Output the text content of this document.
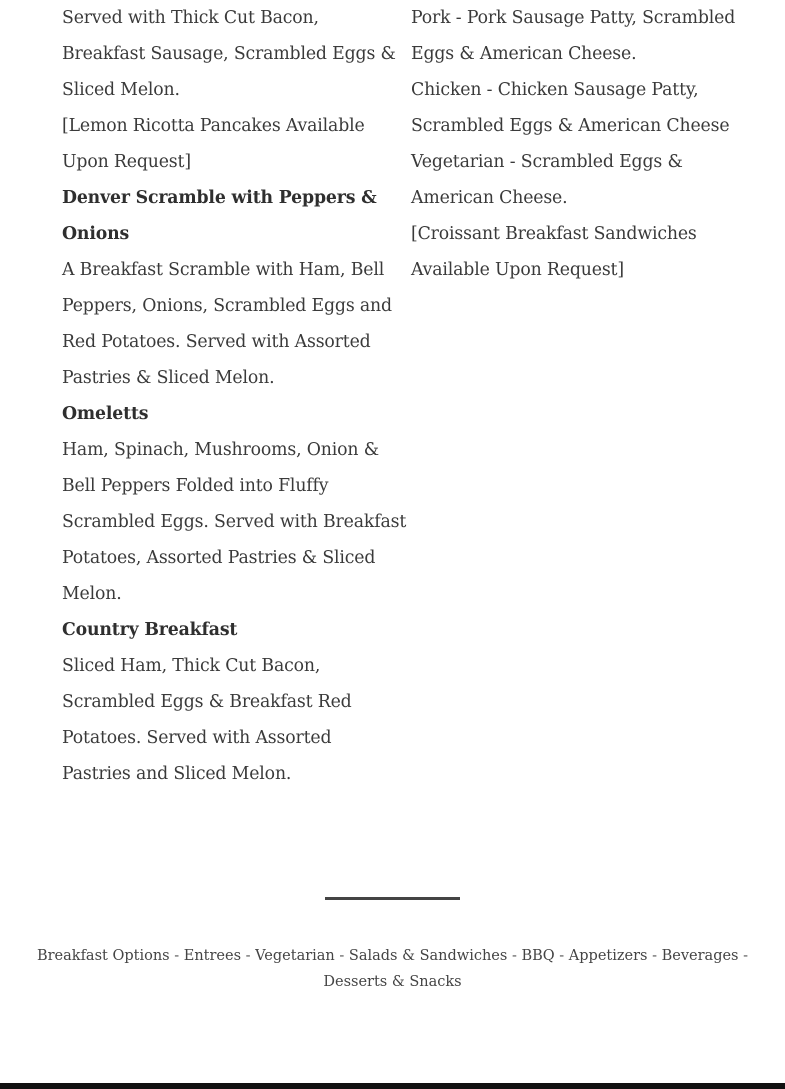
Served with Thick Cut Bacon,
Breakfast Sausage, Scrambled Eggs &
Sliced Melon.
[Lemon Ricotta Pancakes Available
Upon Request]
Denver Scramble with Peppers &
Onions
A Breakfast Scramble with Ham, Bell
Peppers, Onions, Scrambled Eggs and
Red Potatoes. Served with Assorted
Pastries & Sliced Melon.
Omeletts
Ham, Spinach, Mushrooms, Onion &
Bell Peppers Folded into Fluffy
Scrambled Eggs. Served with Breakfast
Potatoes, Assorted Pastries & Sliced
Melon.
Country Breakfast
Sliced Ham, Thick Cut Bacon,
Scrambled Eggs & Breakfast Red
Potatoes. Served with Assorted
Pastries and Sliced Melon.
Pork - Pork Sausage Patty, Scrambled
Eggs & American Cheese.
Chicken - Chicken Sausage Patty,
Scrambled Eggs & American Cheese
Vegetarian - Scrambled Eggs &
American Cheese.
[Croissant Breakfast Sandwiches
Available Upon Request]
Breakfast Options - Entrees - Vegetarian - Salads & Sandwiches - BBQ - Appetizers - Beverages -
Desserts & Snacks
